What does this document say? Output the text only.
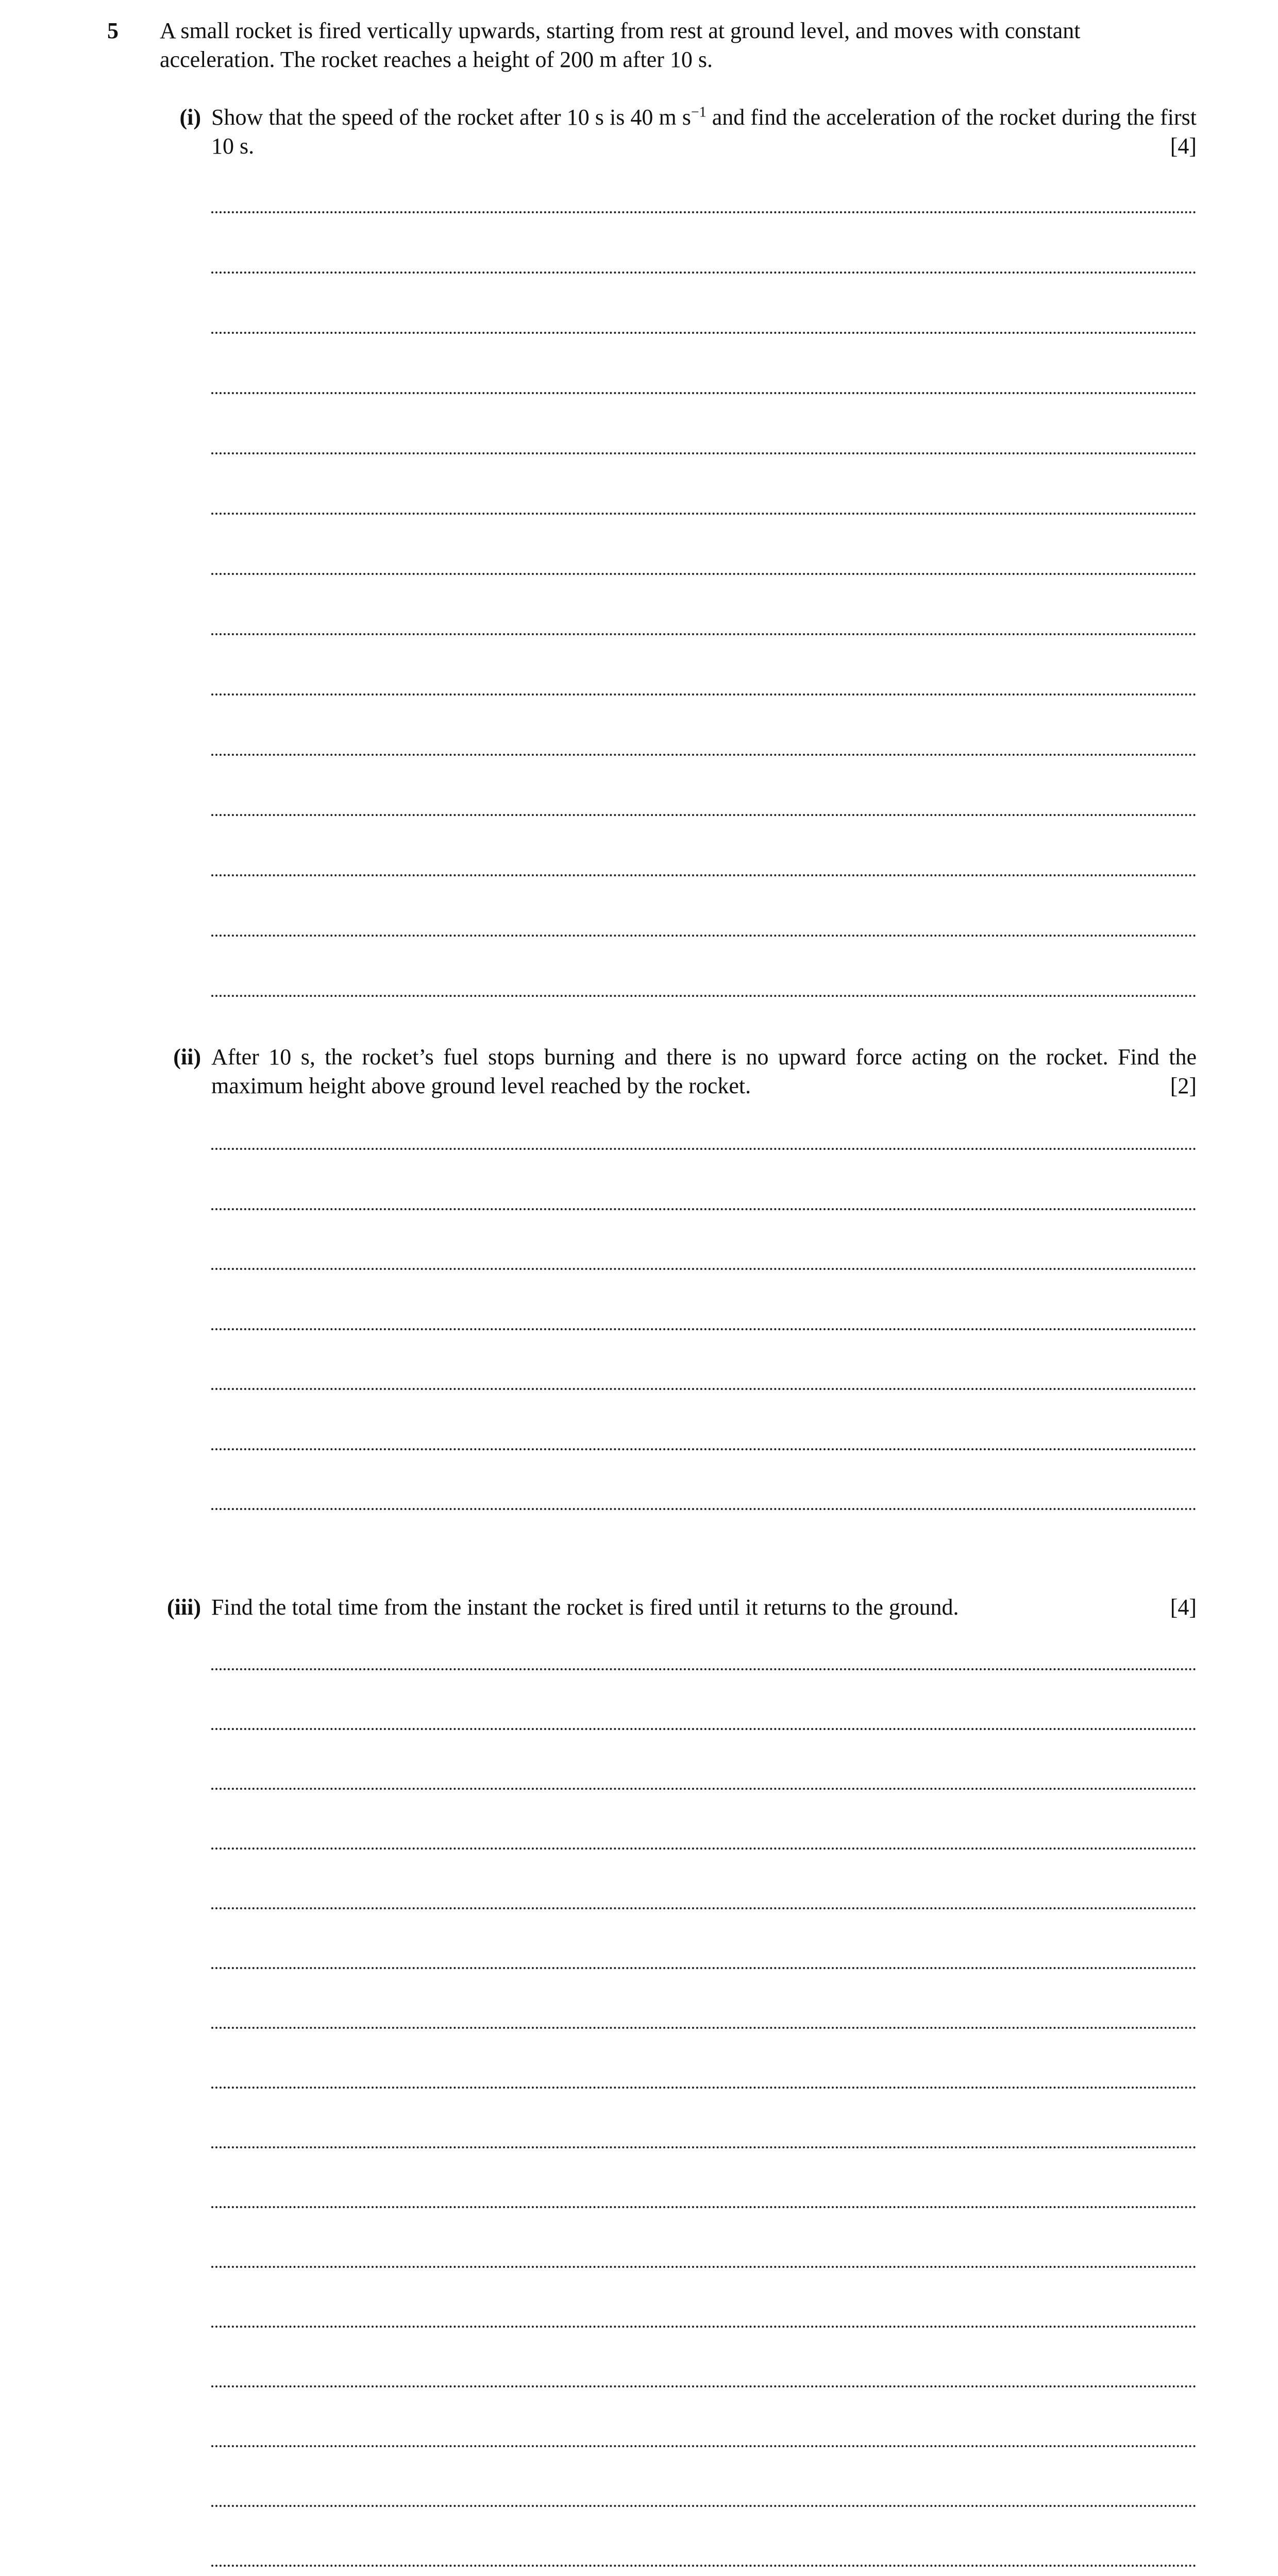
5 A small rocket is fired vertically upwards, starting from rest at ground level, and moves with constant acceleration. The rocket reaches a height of 200 m after 10 s.
(i) Show that the speed of the rocket after 10 s is 40 m $s^{-1}$ and find the acceleration of the rocket during the first 10 s.	[4]
(ii) After 10 s, the rocket’s fuel stops burning and there is no upward force acting on the rocket. Find the maximum height above ground level reached by the rocket.	[2]
(iii) Find the total time from the instant the rocket is fired until it returns to the ground.	[4]
